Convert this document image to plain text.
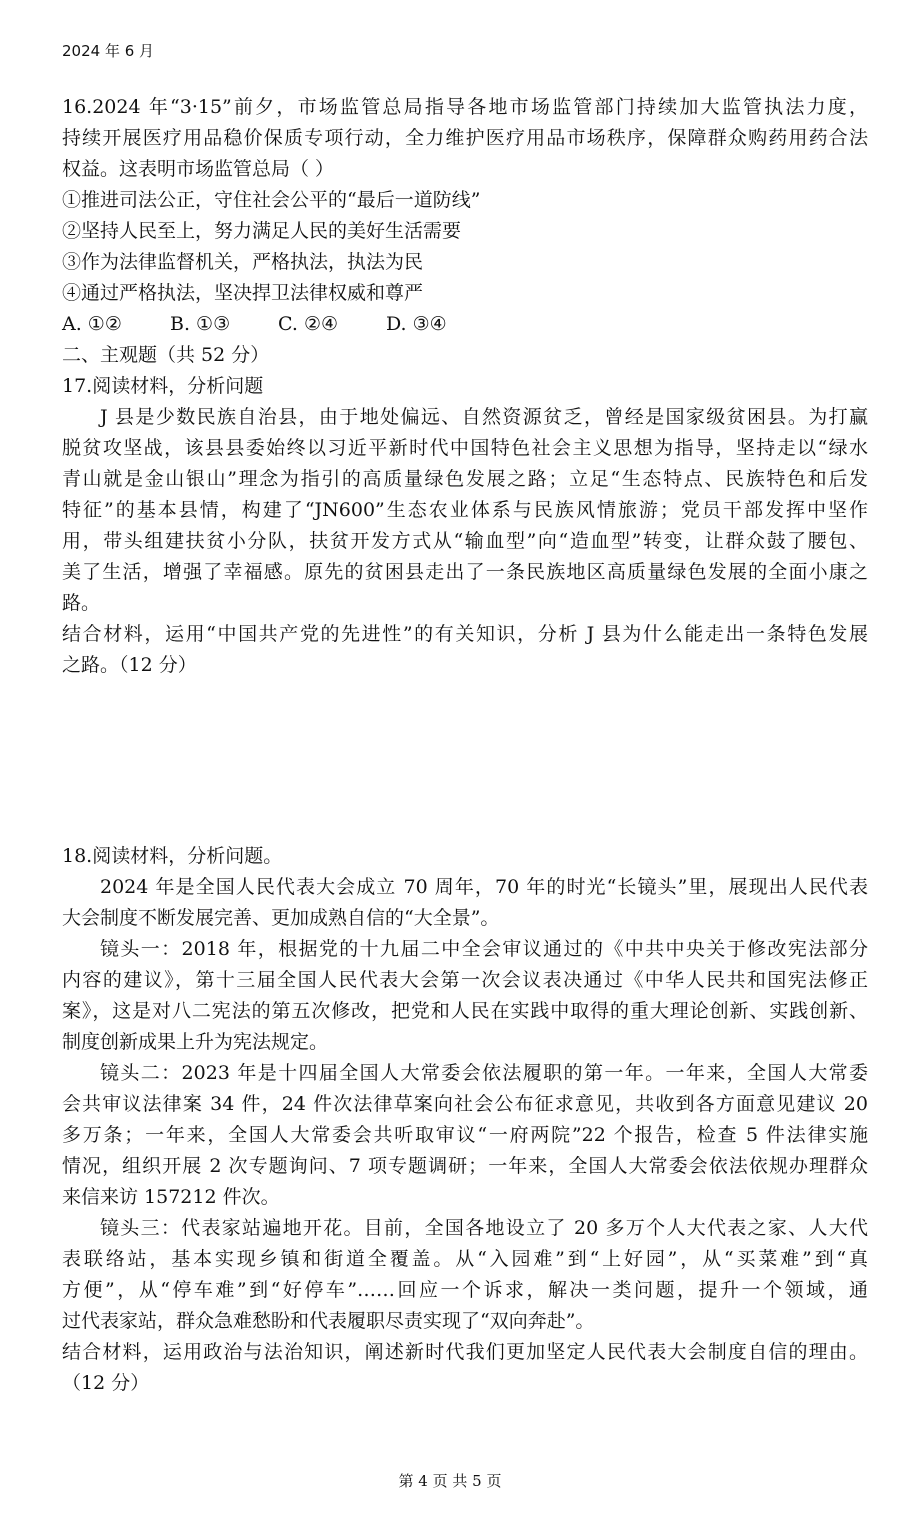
2024 年 6 月
16.2024 年“3·15”前夕，市场监管总局指导各地市场监管部门持续加大监管执法力度，
持续开展医疗用品稳价保质专项行动，全力维护医疗用品市场秩序，保障群众购药用药合法
权益。这表明市场监管总局（ ）
①推进司法公正，守住社会公平的“最后一道防线”
②坚持人民至上，努力满足人民的美好生活需要
③作为法律监督机关，严格执法，执法为民
④通过严格执法，坚决捍卫法律权威和尊严
A. ①②	B. ①③	C. ②④	D. ③④
二、主观题（共 52 分）
17.阅读材料，分析问题
J 县是少数民族自治县，由于地处偏远、自然资源贫乏，曾经是国家级贫困县。为打赢
脱贫攻坚战，该县县委始终以习近平新时代中国特色社会主义思想为指导，坚持走以“绿水
青山就是金山银山”理念为指引的高质量绿色发展之路；立足“生态特点、民族特色和后发
特征”的基本县情，构建了“JN600”生态农业体系与民族风情旅游；党员干部发挥中坚作
用，带头组建扶贫小分队，扶贫开发方式从“输血型”向“造血型”转变，让群众鼓了腰包、
美了生活，增强了幸福感。原先的贫困县走出了一条民族地区高质量绿色发展的全面小康之
路。
结合材料，运用“中国共产党的先进性”的有关知识，分析 J 县为什么能走出一条特色发展
之路。（12 分）
18.阅读材料，分析问题。
2024 年是全国人民代表大会成立 70 周年，70 年的时光“长镜头”里，展现出人民代表
大会制度不断发展完善、更加成熟自信的“大全景”。
镜头一：2018 年，根据党的十九届二中全会审议通过的《中共中央关于修改宪法部分
内容的建议》，第十三届全国人民代表大会第一次会议表决通过《中华人民共和国宪法修正
案》，这是对八二宪法的第五次修改，把党和人民在实践中取得的重大理论创新、实践创新、
制度创新成果上升为宪法规定。
镜头二：2023 年是十四届全国人大常委会依法履职的第一年。一年来，全国人大常委
会共审议法律案 34 件，24 件次法律草案向社会公布征求意见，共收到各方面意见建议 20
多万条；一年来，全国人大常委会共听取审议“一府两院”22 个报告，检查 5 件法律实施
情况，组织开展 2 次专题询问、7 项专题调研；一年来，全国人大常委会依法依规办理群众
来信来访 157212 件次。
镜头三：代表家站遍地开花。目前，全国各地设立了 20 多万个人大代表之家、人大代
表联络站，基本实现乡镇和街道全覆盖。从“入园难”到“上好园”，从“买菜难”到“真
方便”，从“停车难”到“好停车”……回应一个诉求，解决一类问题，提升一个领域，通
过代表家站，群众急难愁盼和代表履职尽责实现了“双向奔赴”。
结合材料，运用政治与法治知识，阐述新时代我们更加坚定人民代表大会制度自信的理由。
（12 分）
第 4 页 共 5 页
